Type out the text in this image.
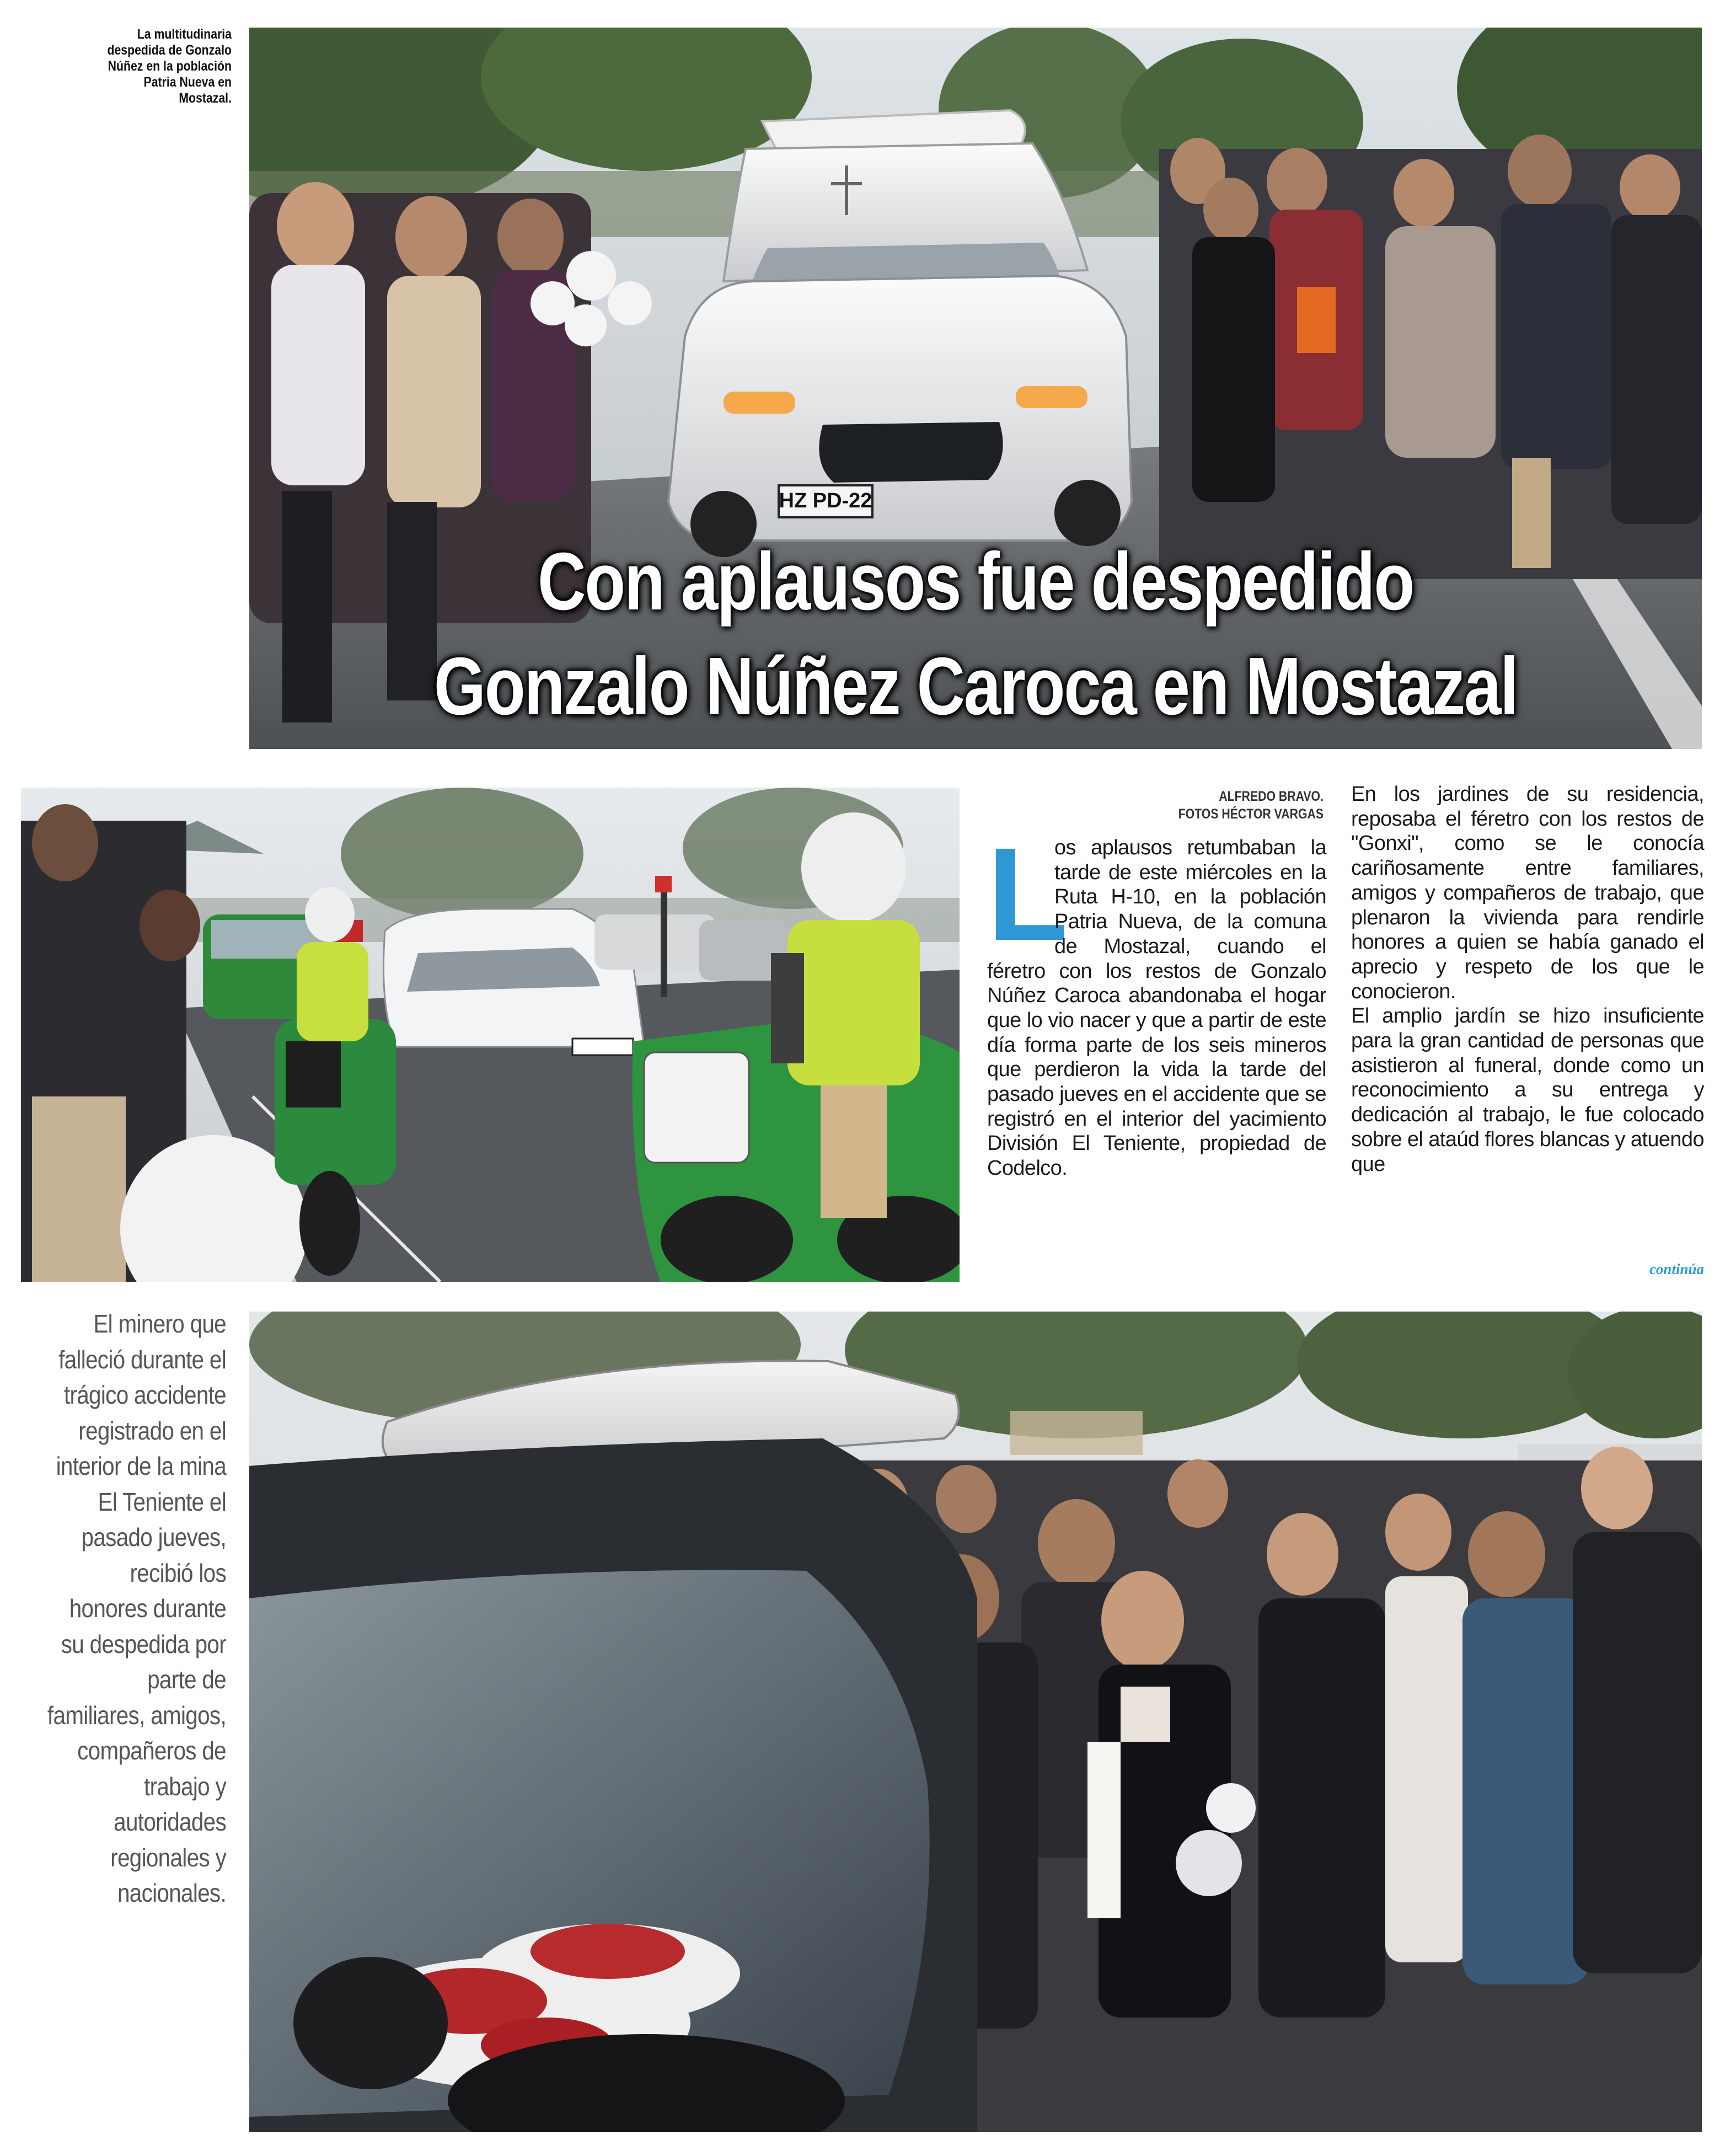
La multitudinaria despedida de Gonzalo Núñez en la población Patria Nueva en Mostazal.
HZ PD-22
Con aplausos fue despedido
Gonzalo Núñez Caroca en Mostazal
ALFREDO BRAVO.
FOTOS HÉCTOR VARGAS
L

os aplausos retumbaban la tarde de este miércoles en la Ruta H-10, en la población Patria Nueva, de la comuna de Mostazal, cuando el féretro con los restos de Gonzalo Núñez Caroca abandonaba el hogar que lo vio nacer y que a partir de este día forma parte de los seis mineros que perdieron la vida la tarde del pasado jueves en el accidente que se registró en el interior del yacimiento División El Teniente, propiedad de Codelco.

En los jardines de su residencia, reposaba el féretro con los restos de "Gonxi", como se le conocía cariñosamente entre familiares, amigos y compañeros de trabajo, que plenaron la vivienda para rendirle honores a quien se había ganado el aprecio y respeto de los que le conocieron.

El amplio jardín se hizo insuficiente para la gran cantidad de personas que asistieron al funeral, donde como un reconocimiento a su entrega y dedicación al trabajo, le fue colocado sobre el ataúd flores blancas y atuendo que

continúa
El minero que falleció durante el trágico accidente registrado en el interior de la mina El Teniente el pasado jueves, recibió los honores durante su despedida por parte de familiares, amigos, compañeros de trabajo y autoridades regionales y nacionales.
